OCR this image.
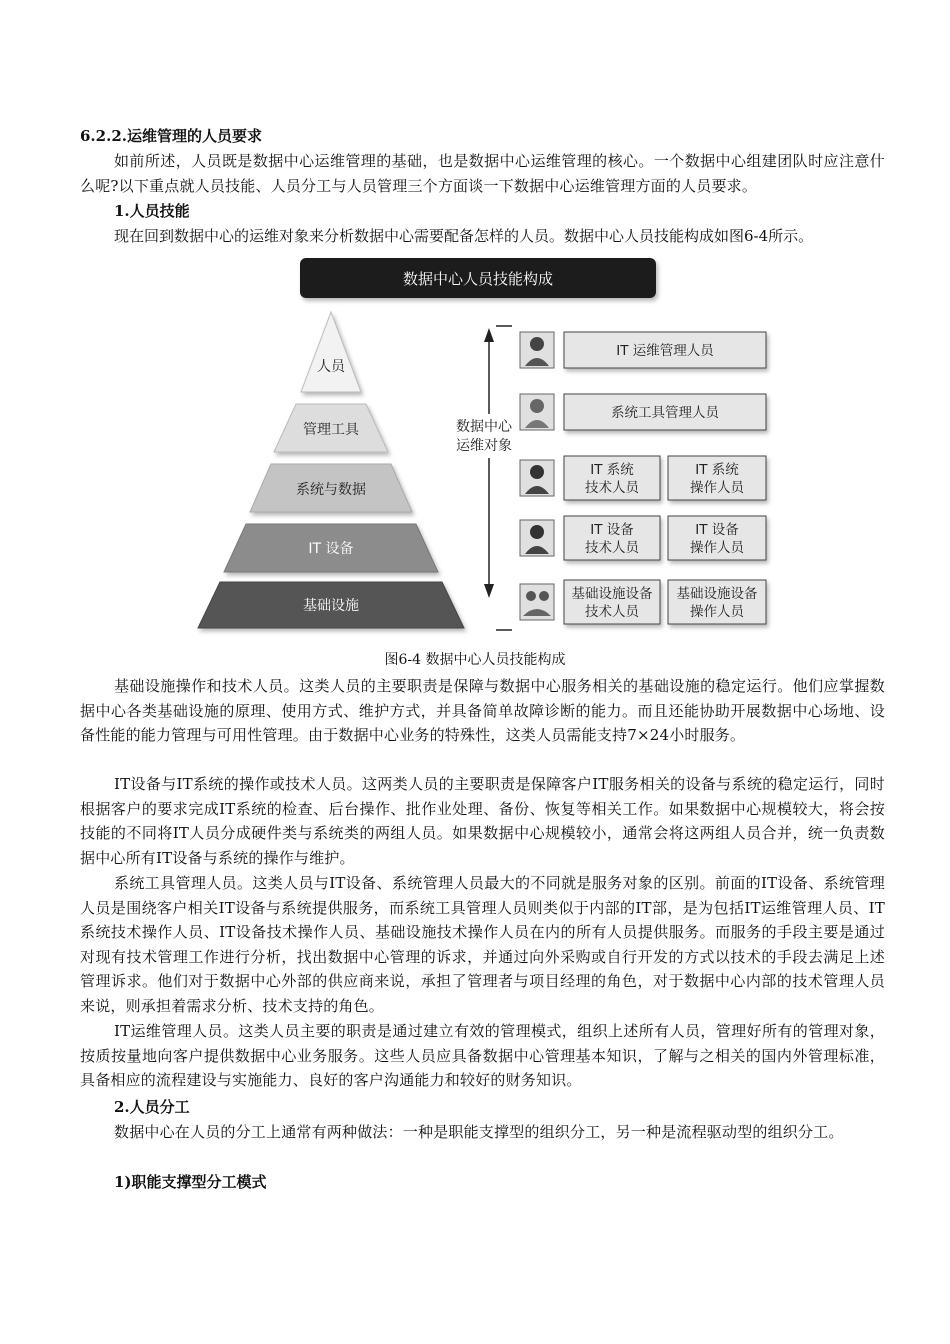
6.2.2.运维管理的人员要求

如前所述，人员既是数据中心运维管理的基础，也是数据中心运维管理的核心。一个数据中心组建团队时应注意什么呢?以下重点就人员技能、人员分工与人员管理三个方面谈一下数据中心运维管理方面的人员要求。

1.人员技能
现在回到数据中心的运维对象来分析数据中心需要配备怎样的人员。数据中心人员技能构成如图6-4所示。
数据中心人员技能构成
人员
管理工具
系统与数据
IT 设备
基础设施
数据中心
运维对象
IT 运维管理人员
系统工具管理人员
IT 系统
技术人员
IT 系统
操作人员
IT 设备
技术人员
IT 设备
操作人员
基础设施设备
技术人员
基础设施设备
操作人员
图6-4 数据中心人员技能构成

基础设施操作和技术人员。这类人员的主要职责是保障与数据中心服务相关的基础设施的稳定运行。他们应掌握数据中心各类基础设施的原理、使用方式、维护方式，并具备简单故障诊断的能力。而且还能协助开展数据中心场地、设备性能的能力管理与可用性管理。由于数据中心业务的特殊性，这类人员需能支持7×24小时服务。

IT设备与IT系统的操作或技术人员。这两类人员的主要职责是保障客户IT服务相关的设备与系统的稳定运行，同时根据客户的要求完成IT系统的检查、后台操作、批作业处理、备份、恢复等相关工作。如果数据中心规模较大，将会按技能的不同将IT人员分成硬件类与系统类的两组人员。如果数据中心规模较小，通常会将这两组人员合并，统一负责数据中心所有IT设备与系统的操作与维护。

系统工具管理人员。这类人员与IT设备、系统管理人员最大的不同就是服务对象的区别。前面的IT设备、系统管理人员是围绕客户相关IT设备与系统提供服务，而系统工具管理人员则类似于内部的IT部，是为包括IT运维管理人员、IT系统技术操作人员、IT设备技术操作人员、基础设施技术操作人员在内的所有人员提供服务。而服务的手段主要是通过对现有技术管理工作进行分析，找出数据中心管理的诉求，并通过向外采购或自行开发的方式以技术的手段去满足上述管理诉求。他们对于数据中心外部的供应商来说，承担了管理者与项目经理的角色，对于数据中心内部的技术管理人员来说，则承担着需求分析、技术支持的角色。

IT运维管理人员。这类人员主要的职责是通过建立有效的管理模式，组织上述所有人员，管理好所有的管理对象，按质按量地向客户提供数据中心业务服务。这些人员应具备数据中心管理基本知识，了解与之相关的国内外管理标准，具备相应的流程建设与实施能力、良好的客户沟通能力和较好的财务知识。

2.人员分工

数据中心在人员的分工上通常有两种做法：一种是职能支撑型的组织分工，另一种是流程驱动型的组织分工。

1)职能支撑型分工模式
